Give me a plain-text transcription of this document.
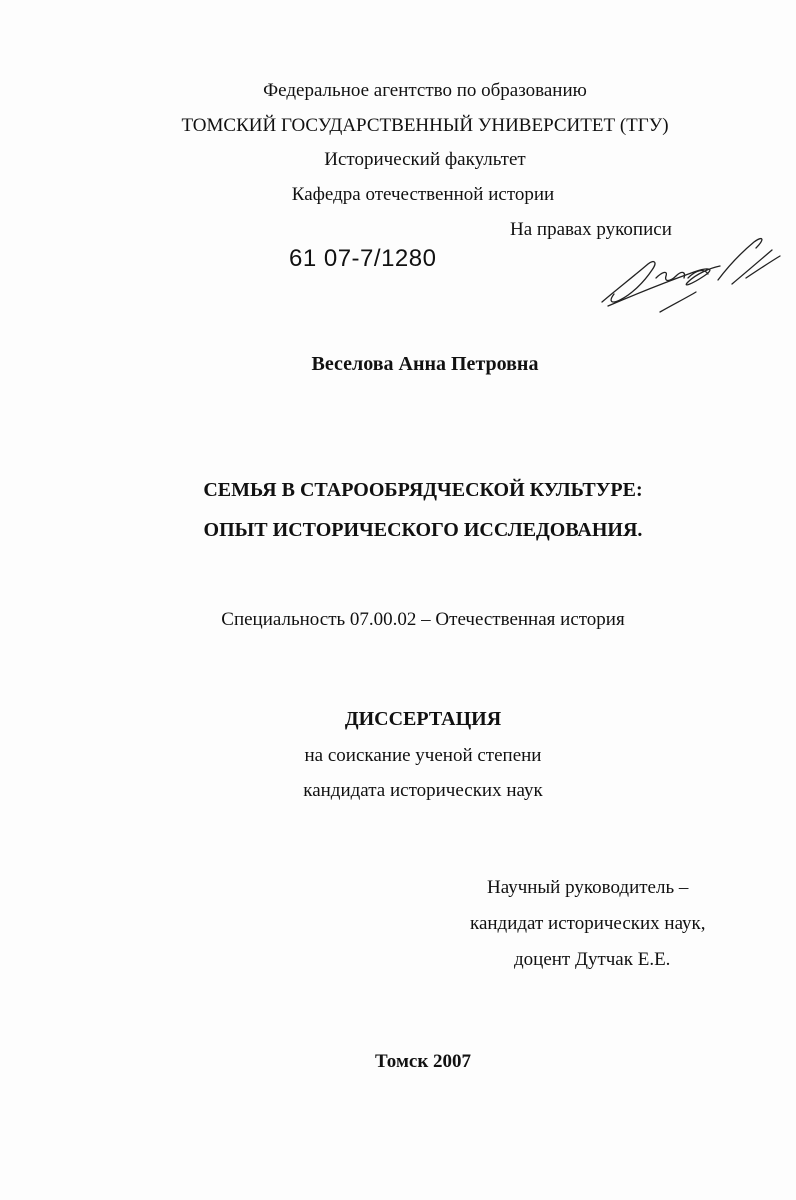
Федеральное агентство по образованию
ТОМСКИЙ ГОСУДАРСТВЕННЫЙ УНИВЕРСИТЕТ (ТГУ)
Исторический факультет
Кафедра отечественной истории
На правах рукописи
61 07-7/1280
Веселова Анна Петровна
СЕМЬЯ В СТАРООБРЯДЧЕСКОЙ КУЛЬТУРЕ:
ОПЫТ ИСТОРИЧЕСКОГО ИССЛЕДОВАНИЯ.
Специальность 07.00.02 – Отечественная история
ДИССЕРТАЦИЯ
на соискание ученой степени
кандидата исторических наук
Научный руководитель –
кандидат исторических наук,
доцент Дутчак Е.Е.
Томск 2007
